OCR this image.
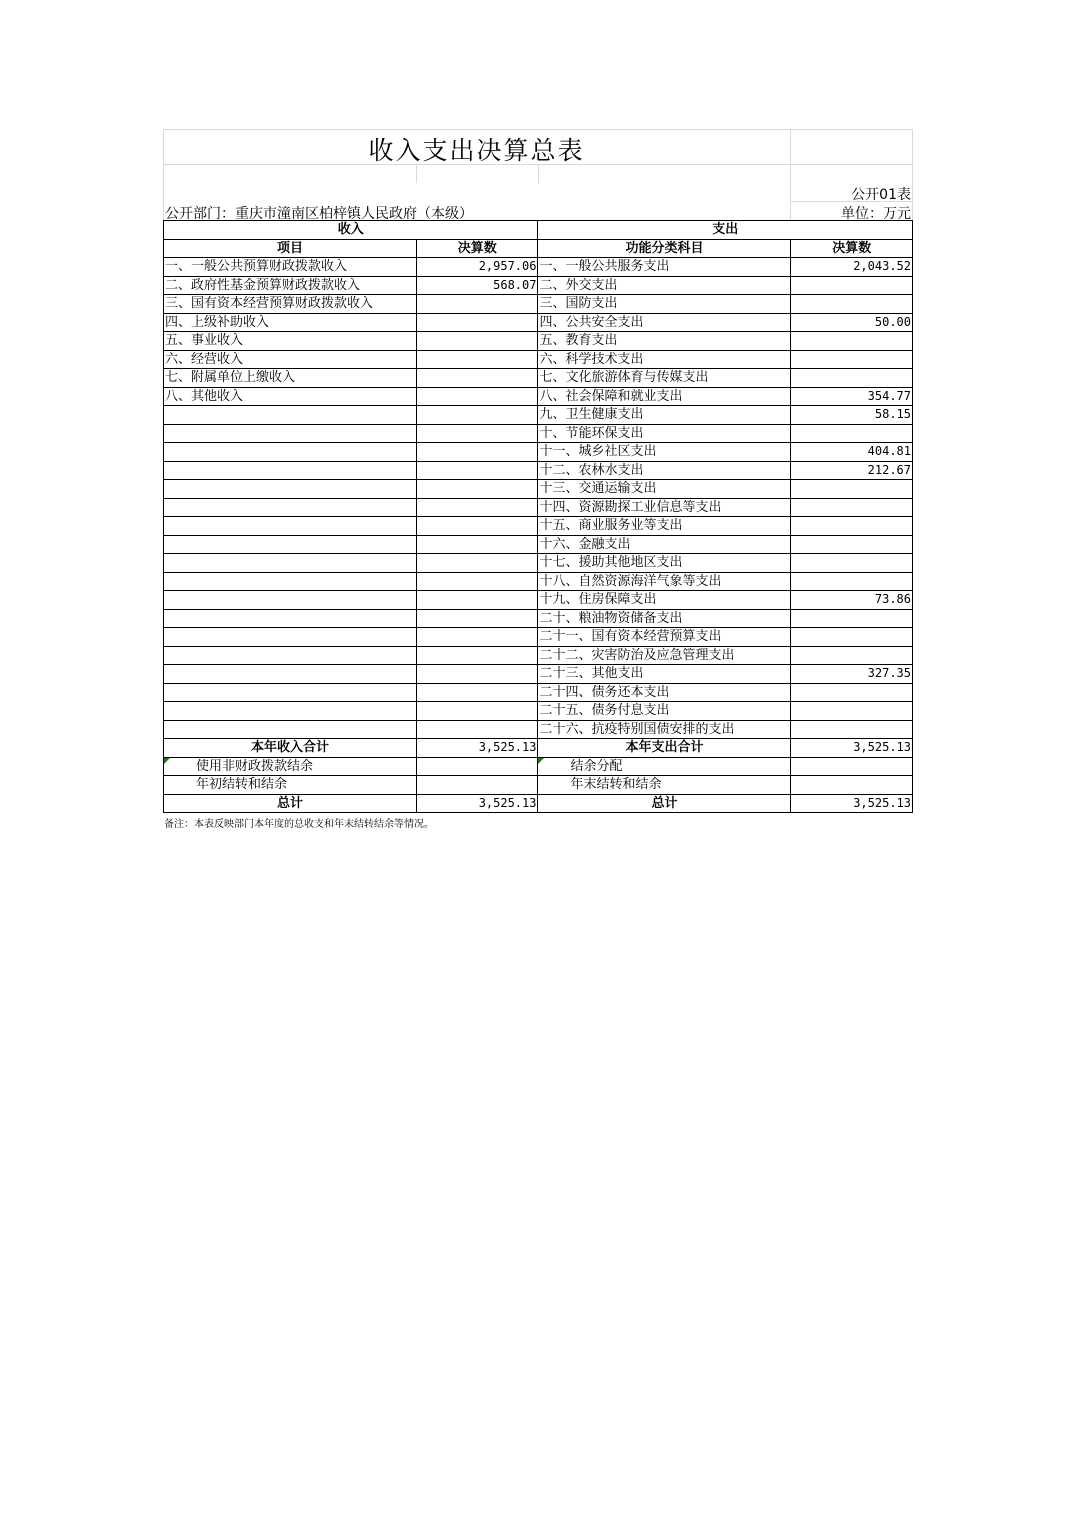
收入支出决算总表
公开01表
公开部门：重庆市潼南区柏梓镇人民政府（本级）	单位：万元
收入		支出	
项目	决算数	功能分类科目	决算数
一、一般公共预算财政拨款收入	2,957.06	一、一般公共服务支出	2,043.52
二、政府性基金预算财政拨款收入	568.07	二、外交支出	
三、国有资本经营预算财政拨款收入		三、国防支出	
四、上级补助收入		四、公共安全支出	50.00
五、事业收入		五、教育支出	
六、经营收入		六、科学技术支出	
七、附属单位上缴收入		七、文化旅游体育与传媒支出	
八、其他收入		八、社会保障和就业支出	354.77
		九、卫生健康支出	58.15
		十、节能环保支出	
		十一、城乡社区支出	404.81
		十二、农林水支出	212.67
		十三、交通运输支出	
		十四、资源勘探工业信息等支出	
		十五、商业服务业等支出	
		十六、金融支出	
		十七、援助其他地区支出	
		十八、自然资源海洋气象等支出	
		十九、住房保障支出	73.86
		二十、粮油物资储备支出	
		二十一、国有资本经营预算支出	
		二十二、灾害防治及应急管理支出	
		二十三、其他支出	327.35
		二十四、债务还本支出	
		二十五、债务付息支出	
		二十六、抗疫特别国债安排的支出	
本年收入合计	3,525.13	本年支出合计	3,525.13
使用非财政拨款结余		结余分配	
年初结转和结余		年末结转和结余	
总计	3,525.13	总计	3,525.13
备注：本表反映部门本年度的总收支和年末结转结余等情况。
